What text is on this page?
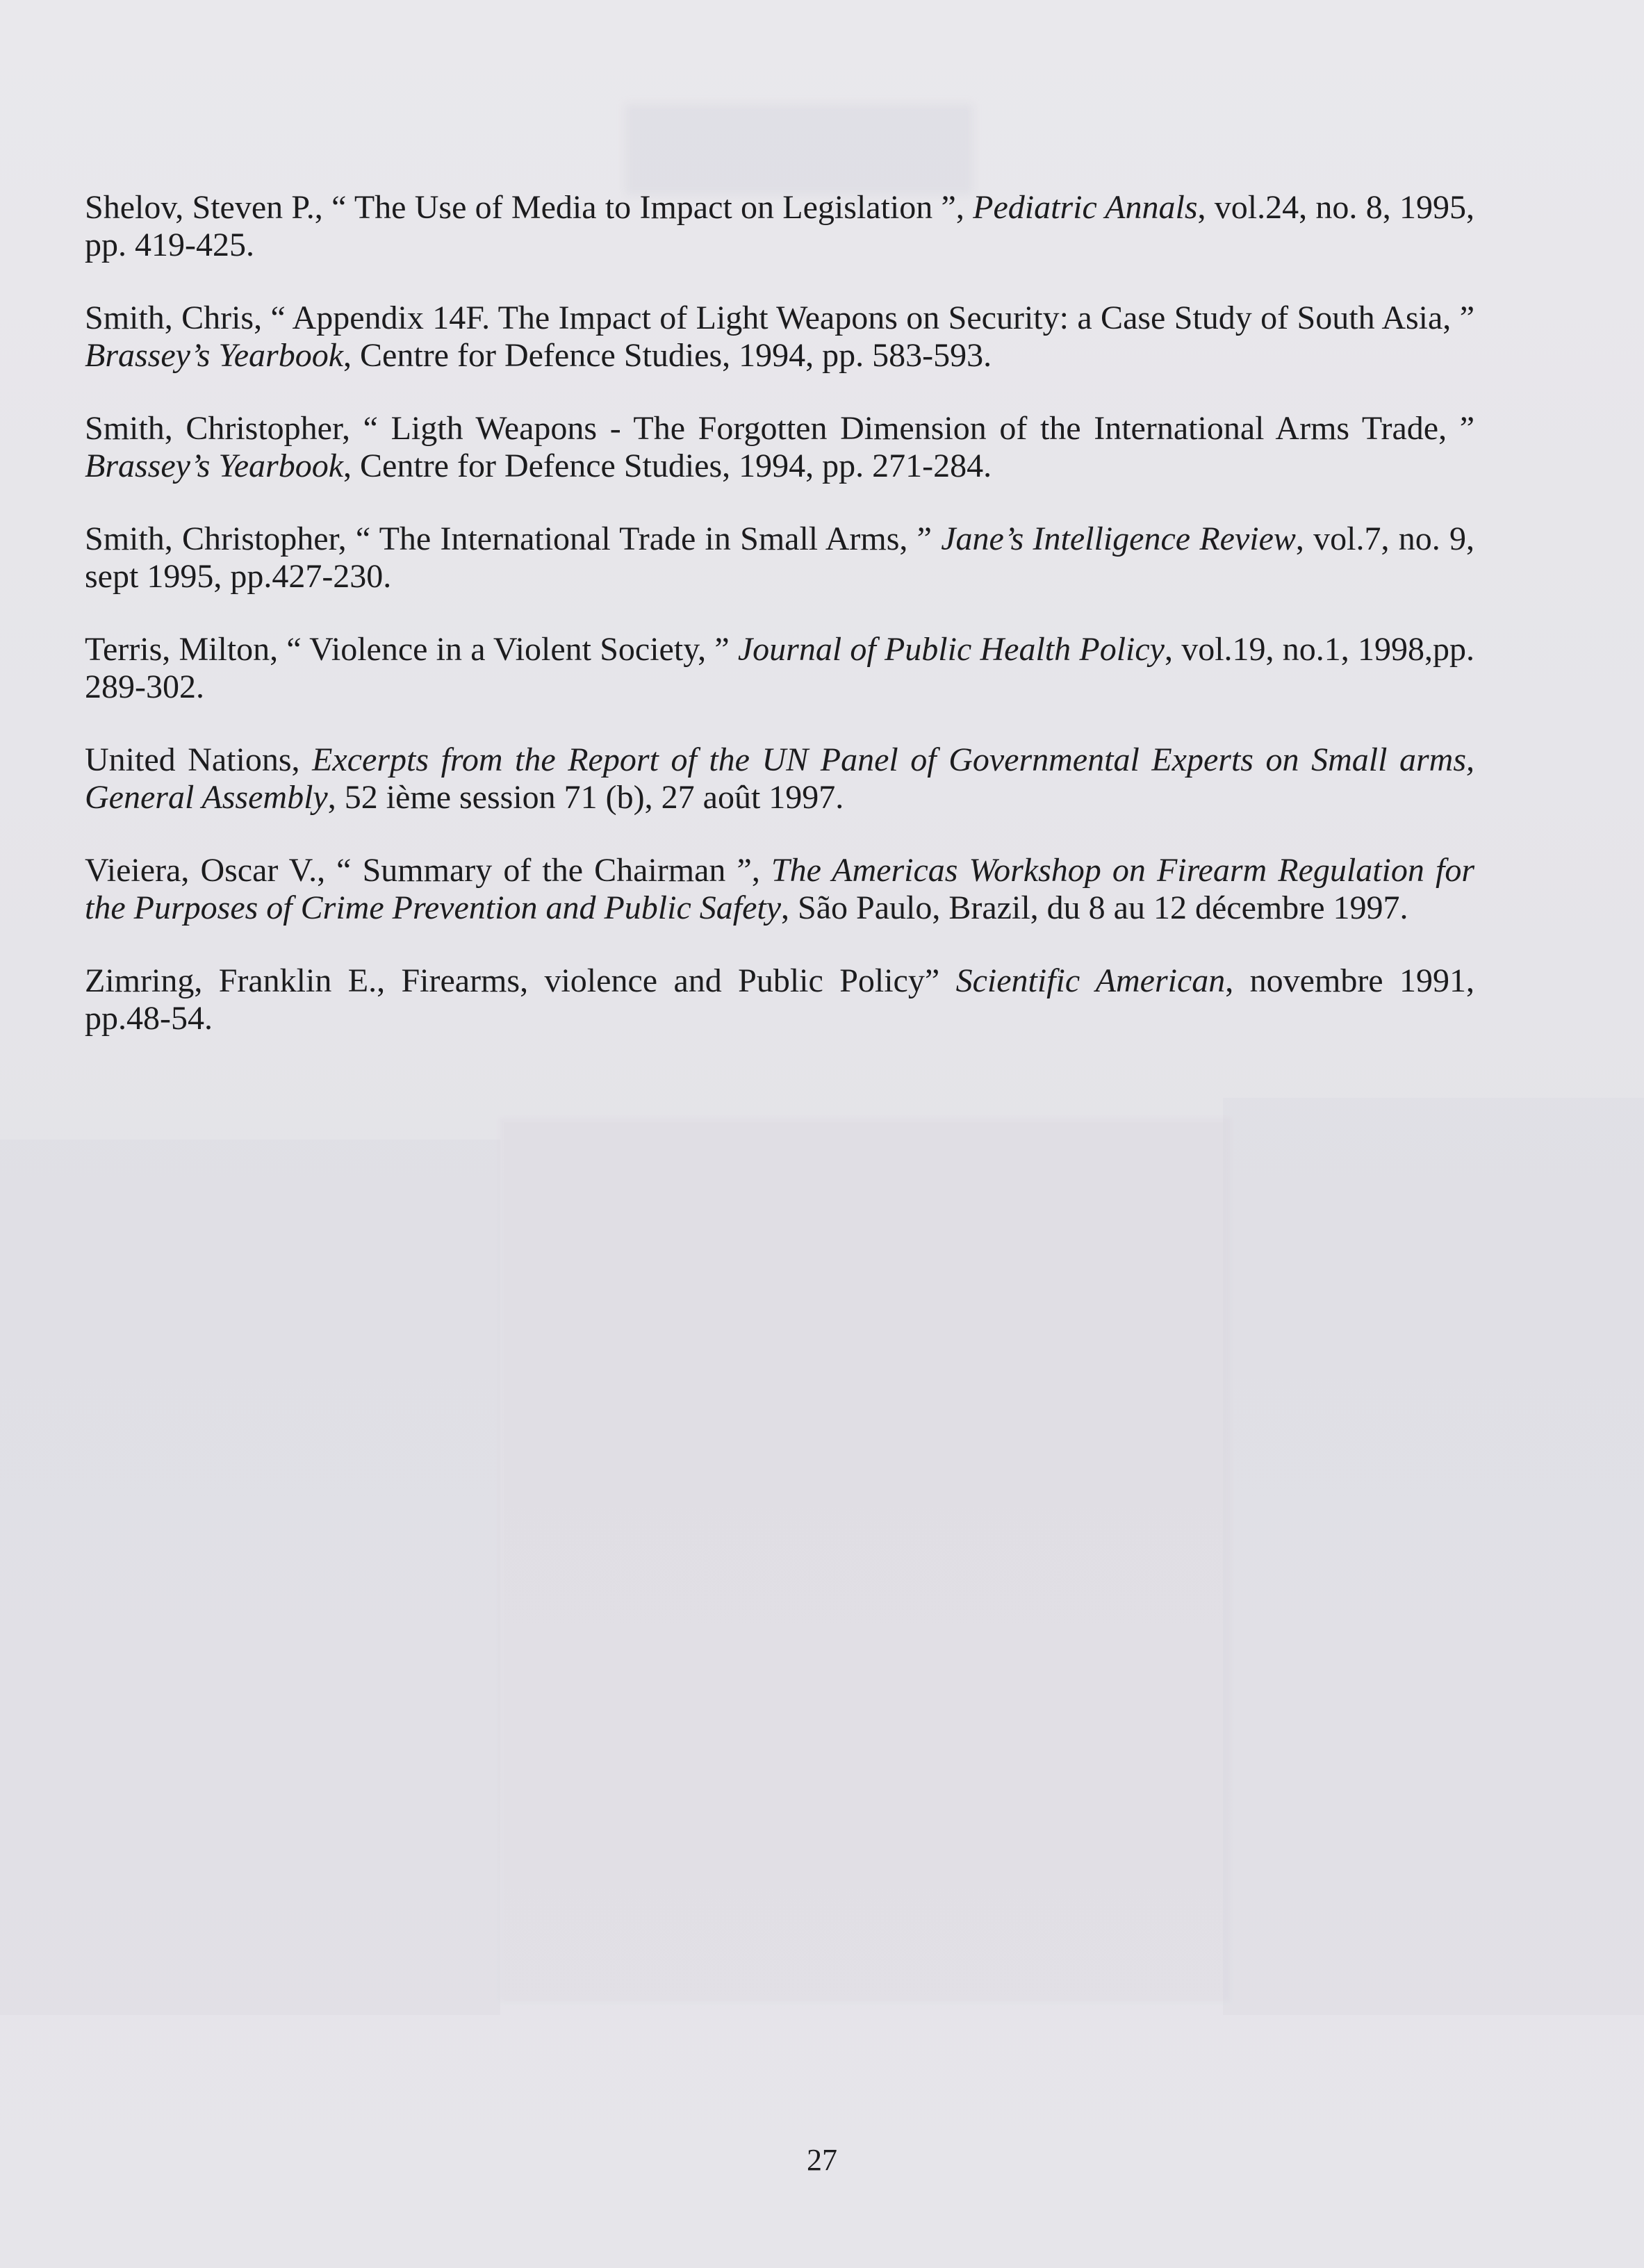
Shelov, Steven P., “ The Use of Media to Impact on Legislation ”, Pediatric Annals, vol.24, no. 8, 1995, pp. 419-425.

Smith, Chris, “ Appendix 14F. The Impact of Light Weapons on Security: a Case Study of South Asia, ” Brassey’s Yearbook, Centre for Defence Studies, 1994, pp. 583-593.

Smith, Christopher, “ Ligth Weapons - The Forgotten Dimension of the International Arms Trade, ” Brassey’s Yearbook, Centre for Defence Studies, 1994, pp. 271-284.

Smith, Christopher, “ The International Trade in Small Arms, ” Jane’s Intelligence Review, vol.7, no. 9, sept 1995, pp.427-230.

Terris, Milton, “ Violence in a Violent Society, ” Journal of Public Health Policy, vol.19, no.1, 1998,pp. 289-302.

United Nations, Excerpts from the Report of the UN Panel of Governmental Experts on Small arms, General Assembly, 52 ième session 71 (b), 27 août 1997.

Vieiera, Oscar V., “ Summary of the Chairman ”, The Americas Workshop on Firearm Regulation for the Purposes of Crime Prevention and Public Safety, São Paulo, Brazil, du 8 au 12 décembre 1997.

Zimring, Franklin E., Firearms, violence and Public Policy” Scientific American, novembre 1991, pp.48-54.

27
